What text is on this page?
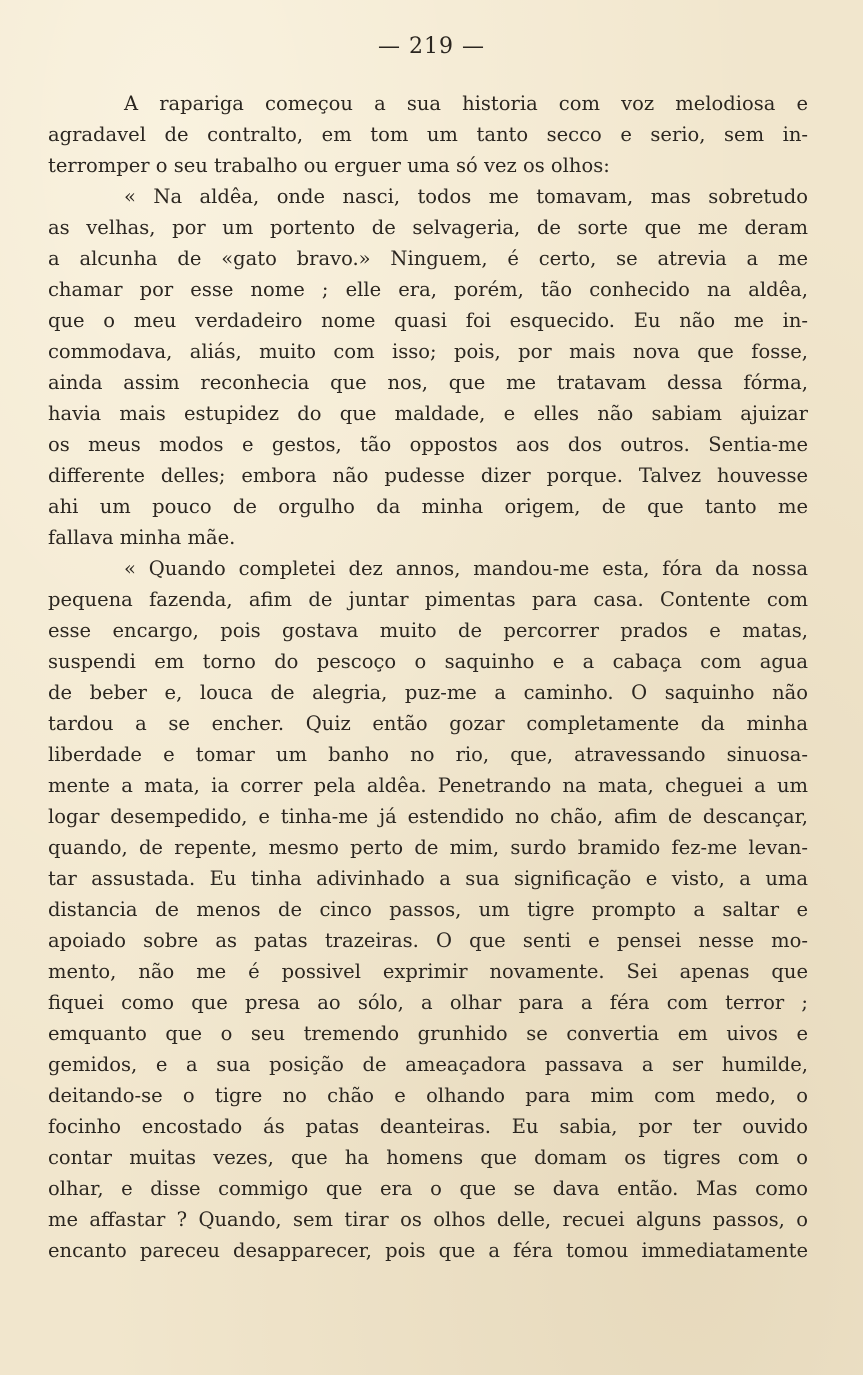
— 219 —
A rapariga começou a sua historia com voz melodiosa e
agradavel de contralto, em tom um tanto secco e serio, sem in-
terromper o seu trabalho ou erguer uma só vez os olhos:
« Na aldêa, onde nasci, todos me tomavam, mas sobretudo
as velhas, por um portento de selvageria, de sorte que me deram
a alcunha de «gato bravo.» Ninguem, é certo, se atrevia a me
chamar por esse nome ; elle era, porém, tão conhecido na aldêa,
que o meu verdadeiro nome quasi foi esquecido. Eu não me in-
commodava, aliás, muito com isso; pois, por mais nova que fosse,
ainda assim reconhecia que nos, que me tratavam dessa fórma,
havia mais estupidez do que maldade, e elles não sabiam ajuizar
os meus modos e gestos, tão oppostos aos dos outros. Sentia-me
differente delles; embora não pudesse dizer porque. Talvez houvesse
ahi um pouco de orgulho da minha origem, de que tanto me
fallava minha mãe.
« Quando completei dez annos, mandou-me esta, fóra da nossa
pequena fazenda, afim de juntar pimentas para casa. Contente com
esse encargo, pois gostava muito de percorrer prados e matas,
suspendi em torno do pescoço o saquinho e a cabaça com agua
de beber e, louca de alegria, puz-me a caminho. O saquinho não
tardou a se encher. Quiz então gozar completamente da minha
liberdade e tomar um banho no rio, que, atravessando sinuosa-
mente a mata, ia correr pela aldêa. Penetrando na mata, cheguei a um
logar desempedido, e tinha-me já estendido no chão, afim de descançar,
quando, de repente, mesmo perto de mim, surdo bramido fez-me levan-
tar assustada. Eu tinha adivinhado a sua significação e visto, a uma
distancia de menos de cinco passos, um tigre prompto a saltar e
apoiado sobre as patas trazeiras. O que senti e pensei nesse mo-
mento, não me é possivel exprimir novamente. Sei apenas que
fiquei como que presa ao sólo, a olhar para a féra com terror ;
emquanto que o seu tremendo grunhido se convertia em uivos e
gemidos, e a sua posição de ameaçadora passava a ser humilde,
deitando-se o tigre no chão e olhando para mim com medo, o
focinho encostado ás patas deanteiras. Eu sabia, por ter ouvido
contar muitas vezes, que ha homens que domam os tigres com o
olhar, e disse commigo que era o que se dava então. Mas como
me affastar ? Quando, sem tirar os olhos delle, recuei alguns passos, o
encanto pareceu desapparecer, pois que a féra tomou immediatamente
